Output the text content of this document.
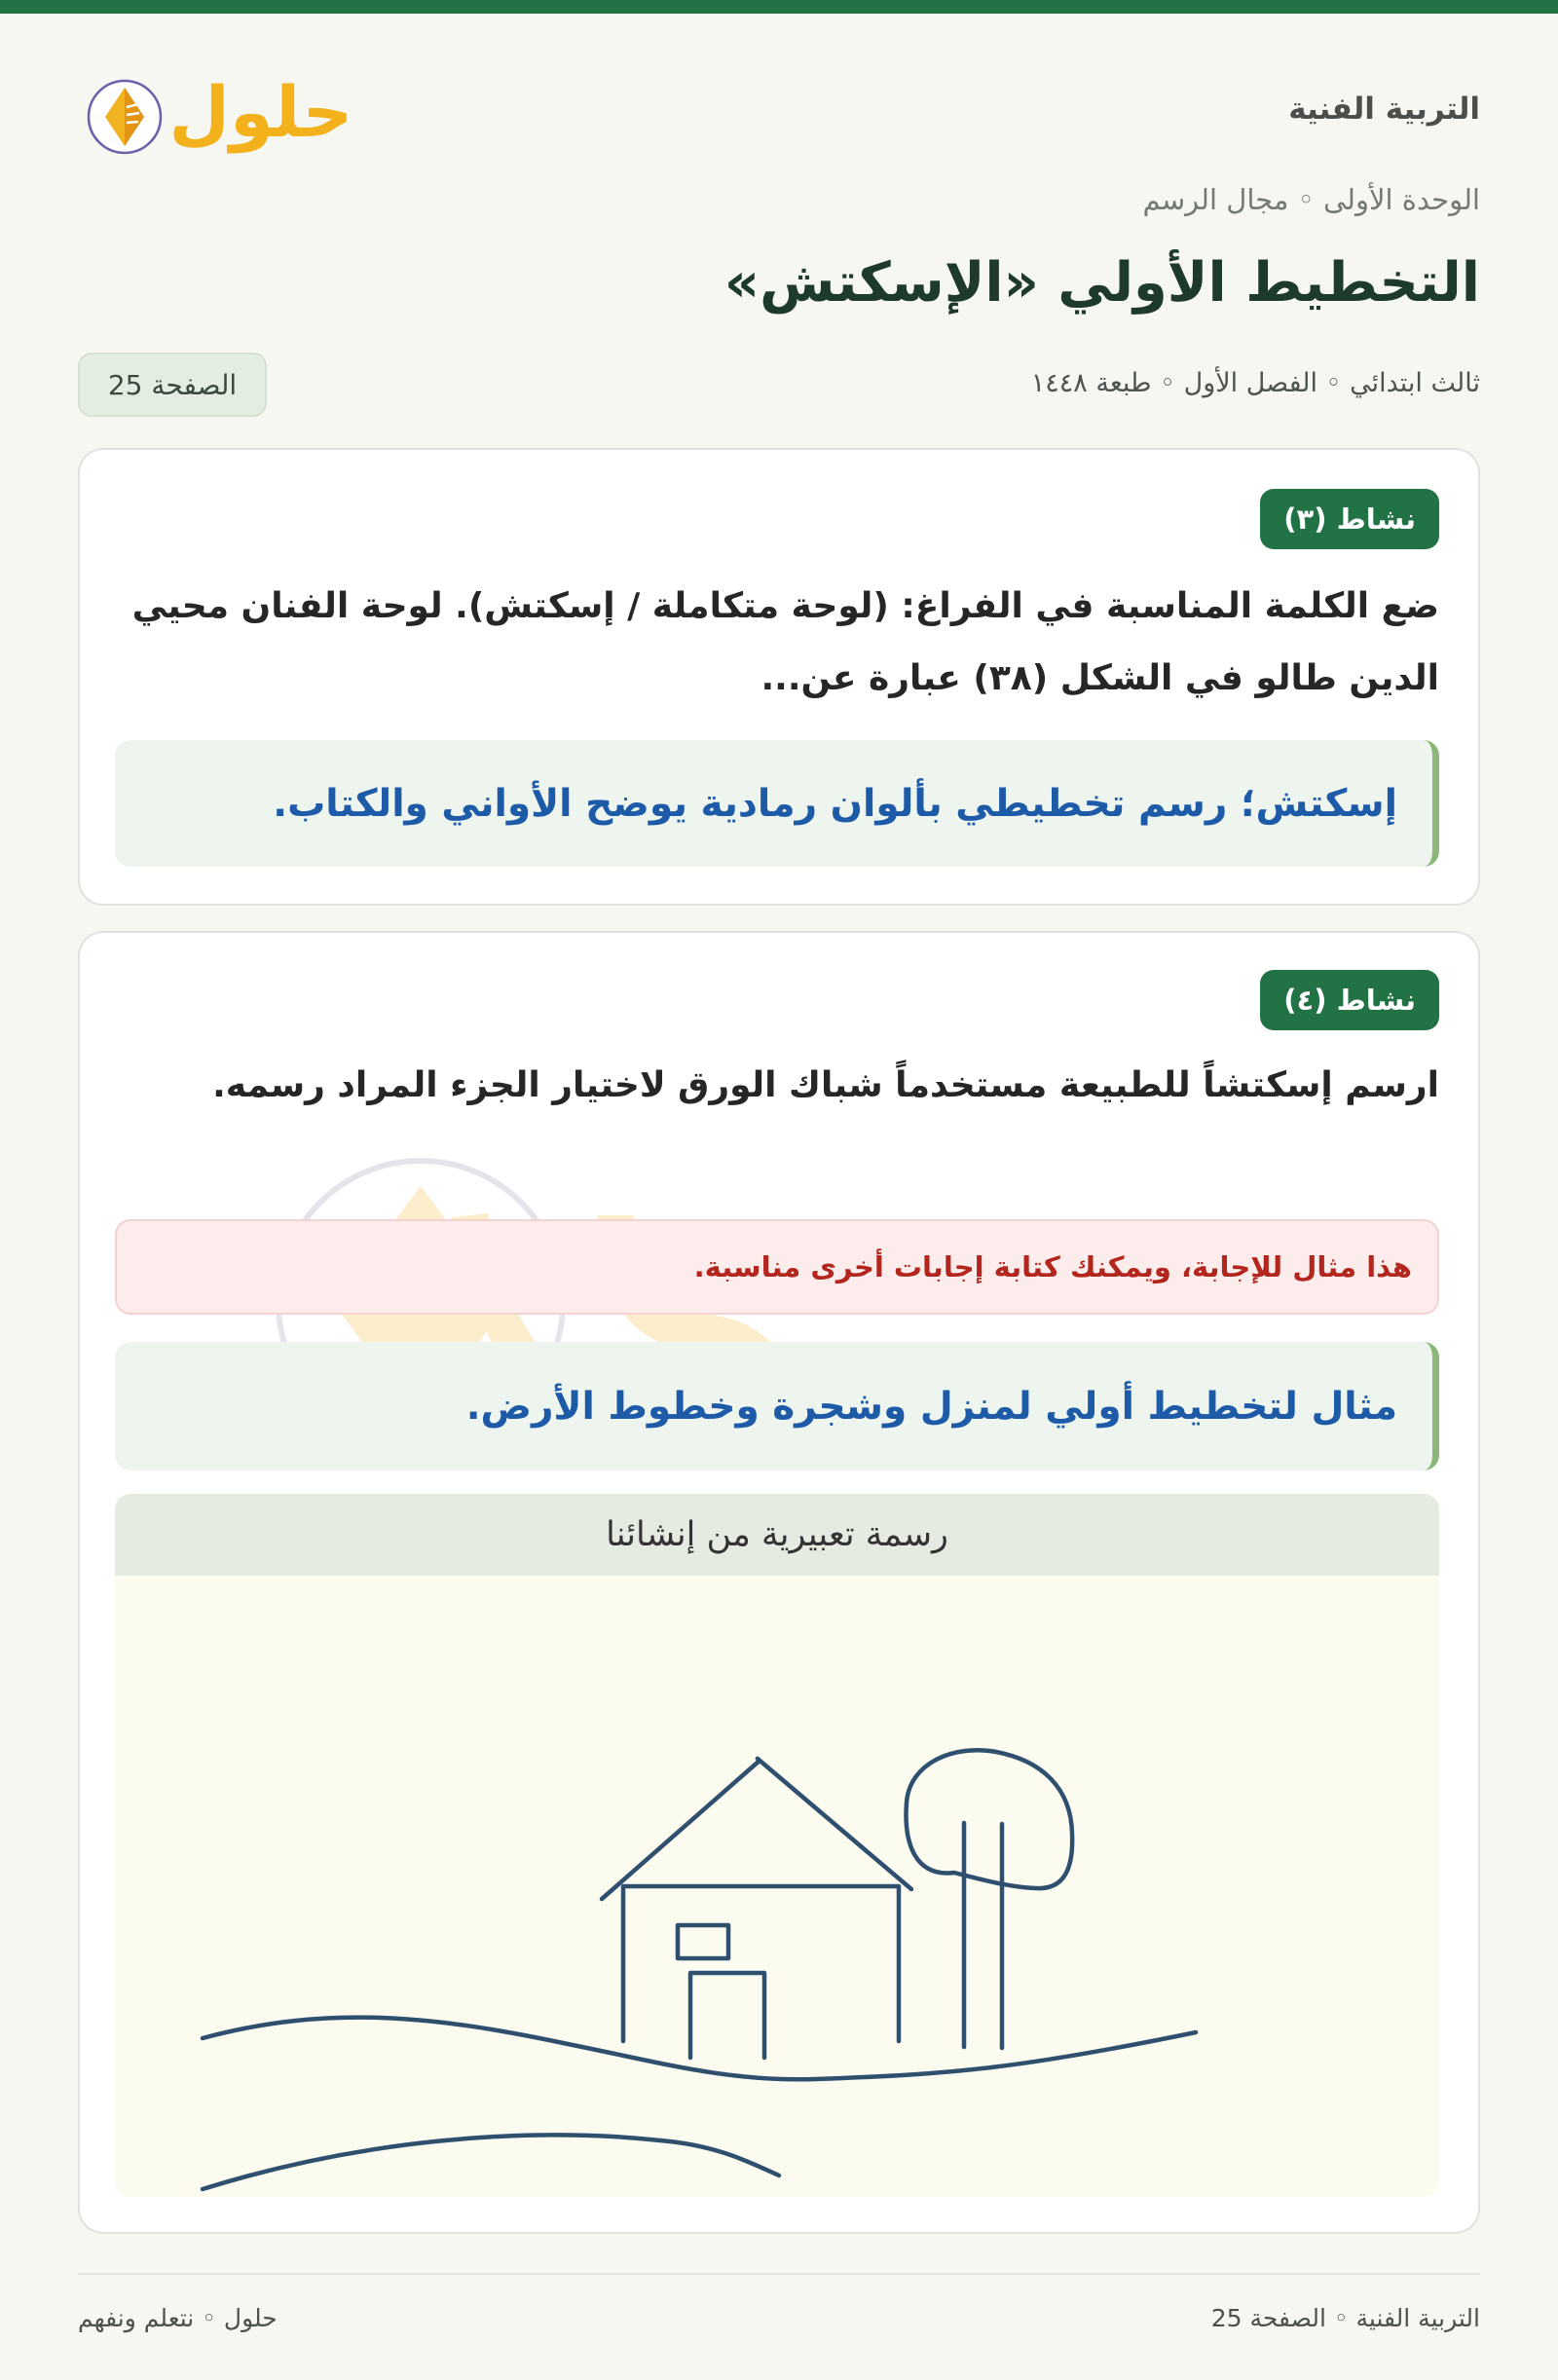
التربية الفنية
حلول
الوحدة الأولى ◦ مجال الرسم
التخطيط الأولي «الإسكتش»
ثالث ابتدائي ◦ الفصل الأول ◦ طبعة ١٤٤٨
الصفحة 25
نشاط (٣)
ضع الكلمة المناسبة في الفراغ: (لوحة متكاملة / إسكتش). لوحة الفنان محيي الدين طالو في الشكل (٣٨) عبارة عن...
إسكتش؛ رسم تخطيطي بألوان رمادية يوضح الأواني والكتاب.
نشاط (٤)
ارسم إسكتشاً للطبيعة مستخدماً شباك الورق لاختيار الجزء المراد رسمه.
هذا مثال للإجابة، ويمكنك كتابة إجابات أخرى مناسبة.
مثال لتخطيط أولي لمنزل وشجرة وخطوط الأرض.
رسمة تعبيرية من إنشائنا
التربية الفنية ◦ الصفحة 25
حلول ◦ نتعلم ونفهم
